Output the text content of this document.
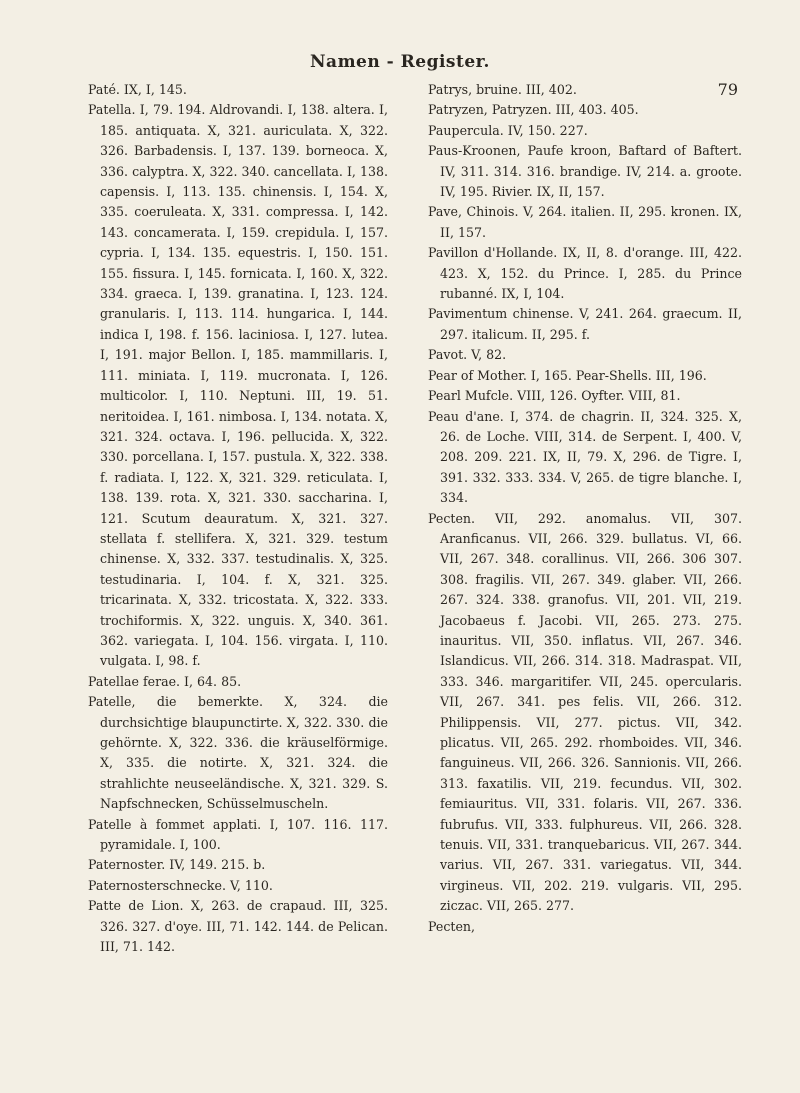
Namen - Register.
79

Paté. IX, I, 145.

Patella. I, 79. 194. Aldrovandi. I, 138. altera. I, 185. antiquata. X, 321. auriculata. X, 322. 326. Barbadensis. I, 137. 139. borneoca. X, 336. calyptra. X, 322. 340. cancellata. I, 138. capensis. I, 113. 135. chinensis. I, 154. X, 335. coeruleata. X, 331. compressa. I, 142. 143. concamerata. I, 159. crepidula. I, 157. cypria. I, 134. 135. equestris. I, 150. 151. 155. fissura. I, 145. fornicata. I, 160. X, 322. 334. graeca. I, 139. granatina. I, 123. 124. granularis. I, 113. 114. hungarica. I, 144. indica I, 198. f. 156. laciniosa. I, 127. lutea. I, 191. major Bellon. I, 185. mammillaris. I, 111. miniata. I, 119. mucronata. I, 126. multicolor. I, 110. Neptuni. III, 19. 51. neritoidea. I, 161. nimbosa. I, 134. notata. X, 321. 324. octava. I, 196. pellucida. X, 322. 330. porcellana. I, 157. pustula. X, 322. 338. f. radiata. I, 122. X, 321. 329. reticulata. I, 138. 139. rota. X, 321. 330. saccharina. I, 121. Scutum deauratum. X, 321. 327. stellata f. stellifera. X, 321. 329. testum chinense. X, 332. 337. testudinalis. X, 325. testudinaria. I, 104. f. X, 321. 325. tricarinata. X, 332. tricostata. X, 322. 333. trochiformis. X, 322. unguis. X, 340. 361. 362. variegata. I, 104. 156. virgata. I, 110. vulgata. I, 98. f.

Patellae ferae. I, 64. 85.

Patelle, die bemerkte. X, 324. die durchsichtige blaupunctirte. X, 322. 330. die gehörnte. X, 322. 336. die kräuselförmige. X, 335. die notirte. X, 321. 324. die strahlichte neuseeländische. X, 321. 329. S. Napfschnecken, Schüsselmuscheln.

Patelle à fommet applati. I, 107. 116. 117. pyramidale. I, 100.

Paternoster. IV, 149. 215. b.

Paternosterschnecke. V, 110.

Patte de Lion. X, 263. de crapaud. III, 325. 326. 327. d'oye. III, 71. 142. 144. de Pelican. III, 71. 142.

Patrys, bruine. III, 402.

Patryzen, Patryzen. III, 403. 405.

Paupercula. IV, 150. 227.

Paus-Kroonen, Paufe kroon, Baftard of Baftert. IV, 311. 314. 316. brandige. IV, 214. a. groote. IV, 195. Rivier. IX, II, 157.

Pave, Chinois. V, 264. italien. II, 295. kronen. IX, II, 157.

Pavillon d'Hollande. IX, II, 8. d'orange. III, 422. 423. X, 152. du Prince. I, 285. du Prince rubanné. IX, I, 104.

Pavimentum chinense. V, 241. 264. graecum. II, 297. italicum. II, 295. f.

Pavot. V, 82.

Pear of Mother. I, 165. Pear-Shells. III, 196.

Pearl Mufcle. VIII, 126. Oyfter. VIII, 81.

Peau d'ane. I, 374. de chagrin. II, 324. 325. X, 26. de Loche. VIII, 314. de Serpent. I, 400. V, 208. 209. 221. IX, II, 79. X, 296. de Tigre. I, 391. 332. 333. 334. V, 265. de tigre blanche. I, 334.

Pecten. VII, 292. anomalus. VII, 307. Aranficanus. VII, 266. 329. bullatus. VI, 66. VII, 267. 348. corallinus. VII, 266. 306 307. 308. fragilis. VII, 267. 349. glaber. VII, 266. 267. 324. 338. granofus. VII, 201. VII, 219. Jacobaeus f. Jacobi. VII, 265. 273. 275. inauritus. VII, 350. inflatus. VII, 267. 346. Islandicus. VII, 266. 314. 318. Madraspat. VII, 333. 346. margaritifer. VII, 245. opercularis. VII, 267. 341. pes felis. VII, 266. 312. Philippensis. VII, 277. pictus. VII, 342. plicatus. VII, 265. 292. rhomboides. VII, 346. fanguineus. VII, 266. 326. Sannionis. VII, 266. 313. faxatilis. VII, 219. fecundus. VII, 302. femiauritus. VII, 331. folaris. VII, 267. 336. fubrufus. VII, 333. fulphureus. VII, 266. 328. tenuis. VII, 331. tranquebaricus. VII, 267. 344. varius. VII, 267. 331. variegatus. VII, 344. virgineus. VII, 202. 219. vulgaris. VII, 295. ziczac. VII, 265. 277.

Pecten,
